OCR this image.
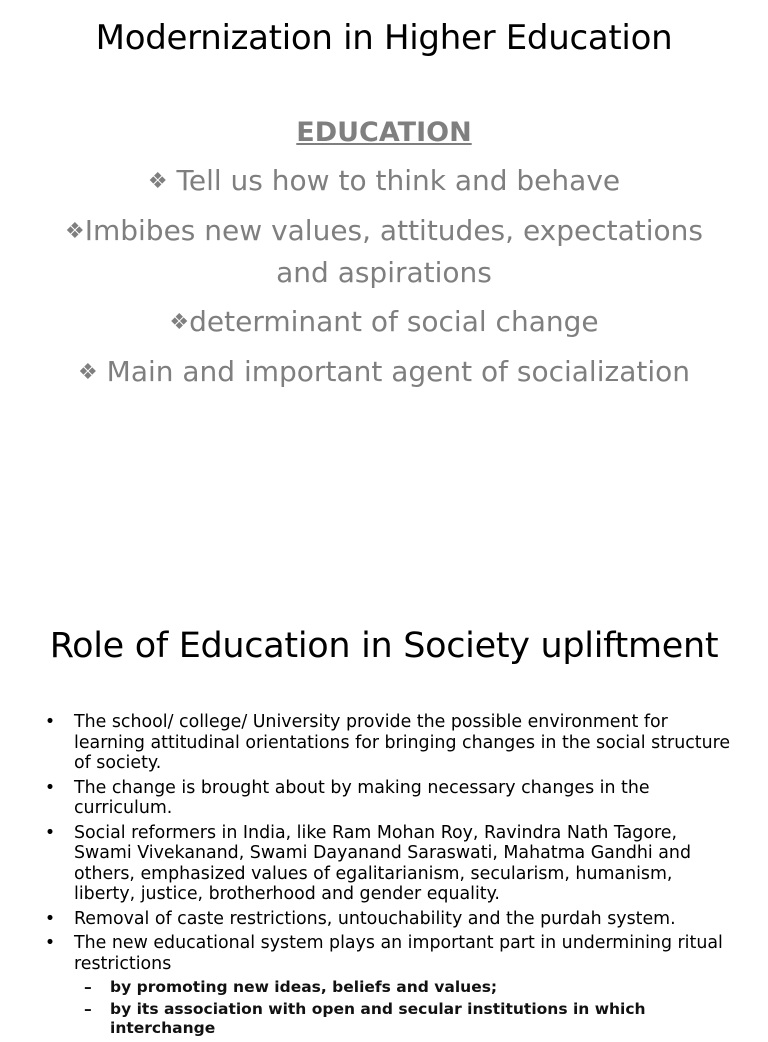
Modernization in Higher Education
EDUCATION
❖ Tell us how to think and behave
❖Imbibes new values, attitudes, expectations and aspirations
❖determinant of social change
❖ Main and important agent of socialization
Role of Education in Society upliftment
• The school/ college/ University provide the possible environment for learning attitudinal orientations for bringing changes in the social structure of society.
• The change is brought about by making necessary changes in the curriculum.
• Social reformers in India, like Ram Mohan Roy, Ravindra Nath Tagore, Swami Vivekanand, Swami Dayanand Saraswati, Mahatma Gandhi and others, emphasized values of egalitarianism, secularism, humanism, liberty, justice, brotherhood and gender equality.
• Removal of caste restrictions, untouchability and the purdah system.
• The new educational system plays an important part in undermining ritual restrictions
– by promoting new ideas, beliefs and values;
– by its association with open and secular institutions in which interchange
